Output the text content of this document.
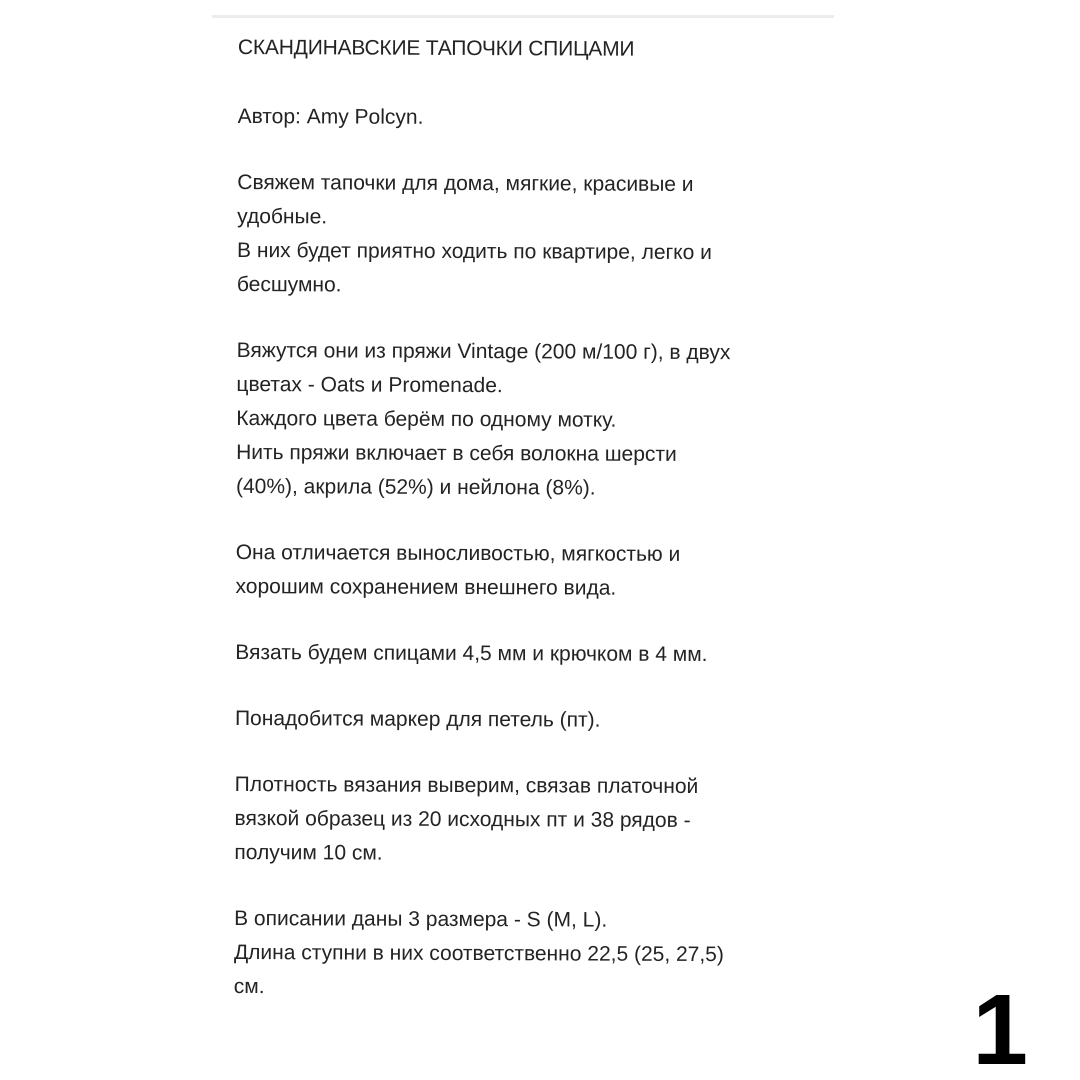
СКАНДИНАВСКИЕ ТАПОЧКИ СПИЦАМИ
Автор: Amy Polcyn.
Свяжем тапочки для дома, мягкие, красивые и
удобные.
В них будет приятно ходить по квартире, легко и
бесшумно.
Вяжутся они из пряжи Vintage (200 м/100 г), в двух
цветах - Oats и Promenade.
Каждого цвета берём по одному мотку.
Нить пряжи включает в себя волокна шерсти
(40%), акрила (52%) и нейлона (8%).
Она отличается выносливостью, мягкостью и
хорошим сохранением внешнего вида.
Вязать будем спицами 4,5 мм и крючком в 4 мм.
Понадобится маркер для петель (пт).
Плотность вязания выверим, связав платочной
вязкой образец из 20 исходных пт и 38 рядов -
получим 10 см.
В описании даны 3 размера - S (M, L).
Длина ступни в них соответственно 22,5 (25, 27,5)
см.	1
